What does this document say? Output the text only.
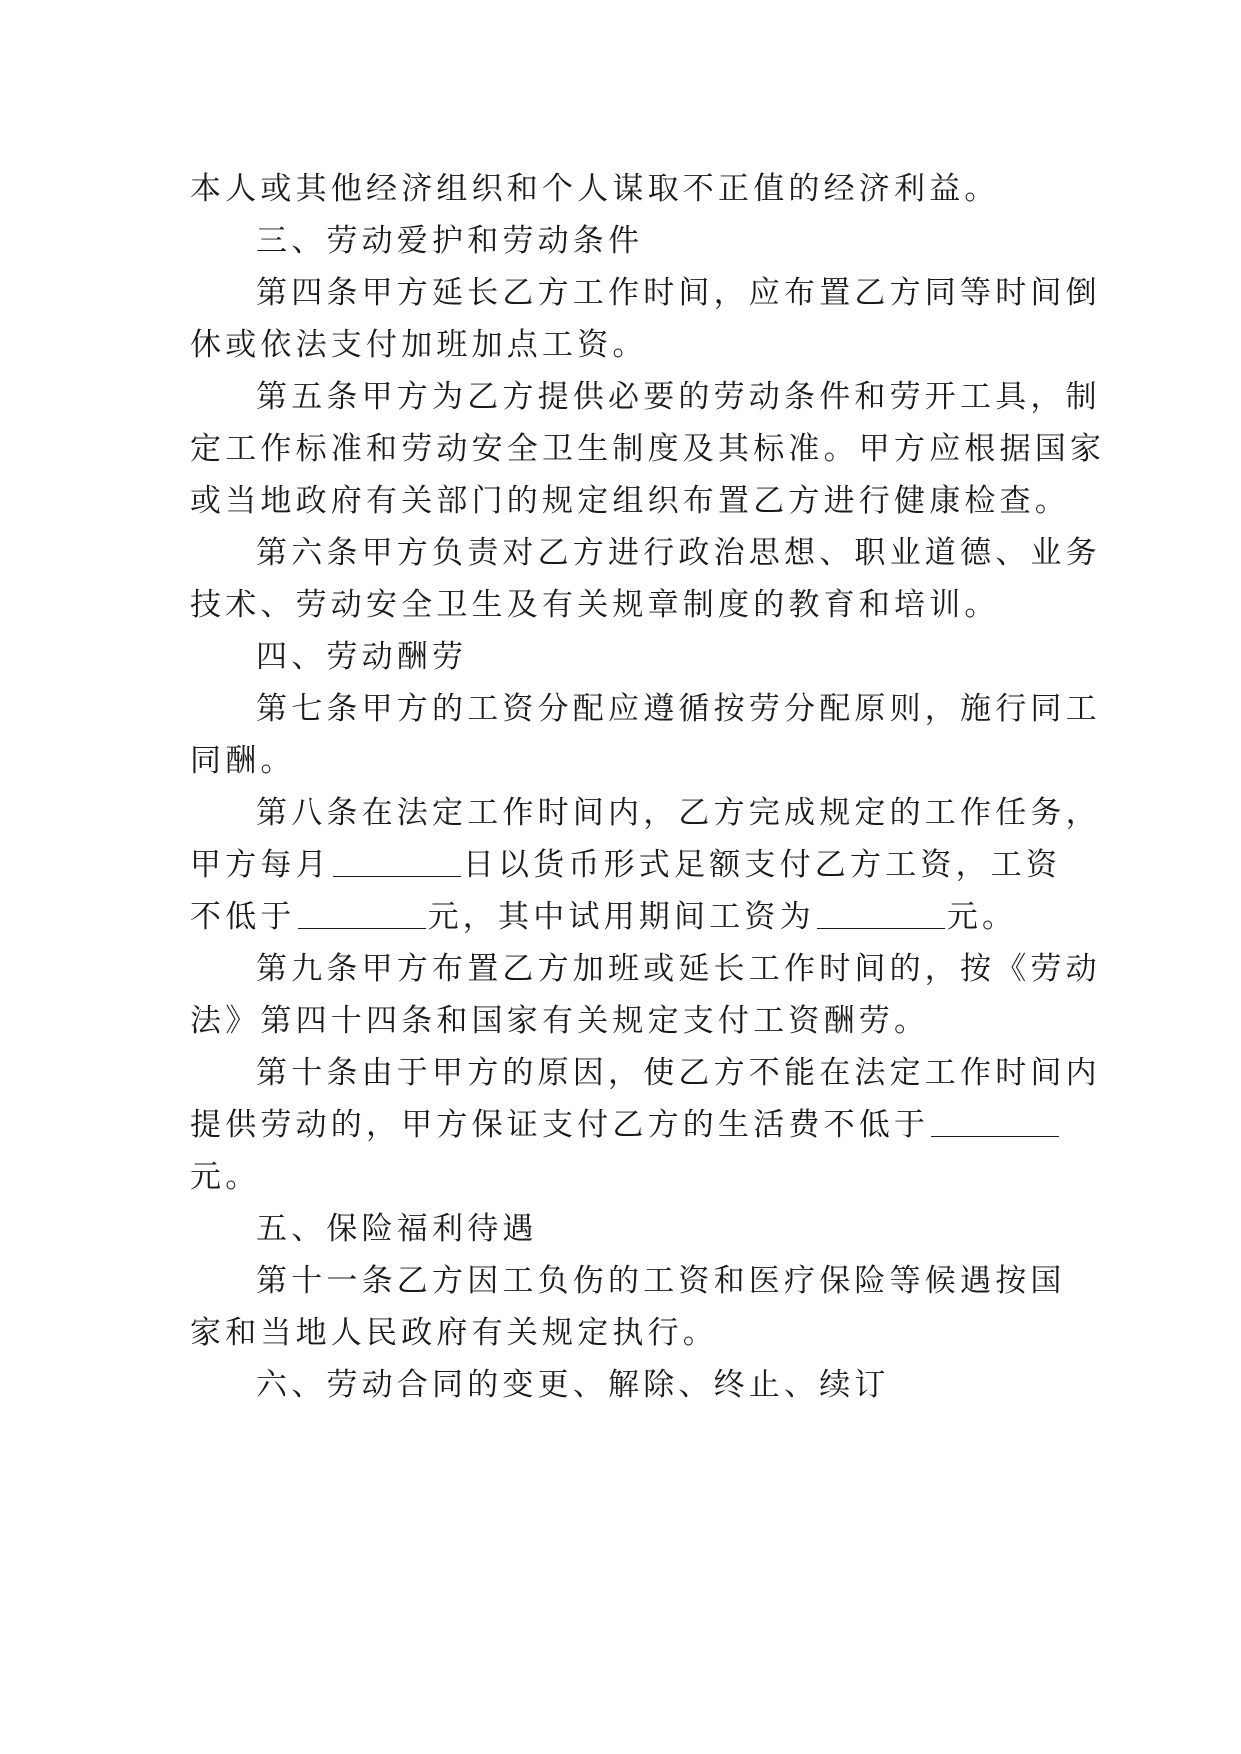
本人或其他经济组织和个人谋取不正值的经济利益。
三、劳动爱护和劳动条件
第四条甲方延长乙方工作时间，应布置乙方同等时间倒
休或依法支付加班加点工资。
第五条甲方为乙方提供必要的劳动条件和劳开工具，制
定工作标准和劳动安全卫生制度及其标准。甲方应根据国家
或当地政府有关部门的规定组织布置乙方进行健康检查。
第六条甲方负责对乙方进行政治思想、职业道德、业务
技术、劳动安全卫生及有关规章制度的教育和培训。
四、劳动酬劳
第七条甲方的工资分配应遵循按劳分配原则，施行同工
同酬。
第八条在法定工作时间内，乙方完成规定的工作任务，
甲方每月	日以货币形式足额支付乙方工资，工资
不低于	元，其中试用期间工资为	元。
第九条甲方布置乙方加班或延长工作时间的，按《劳动
法》第四十四条和国家有关规定支付工资酬劳。
第十条由于甲方的原因，使乙方不能在法定工作时间内
提供劳动的，甲方保证支付乙方的生活费不低于
元。
五、保险福利待遇
第十一条乙方因工负伤的工资和医疗保险等候遇按国
家和当地人民政府有关规定执行。
六、劳动合同的变更、解除、终止、续订
